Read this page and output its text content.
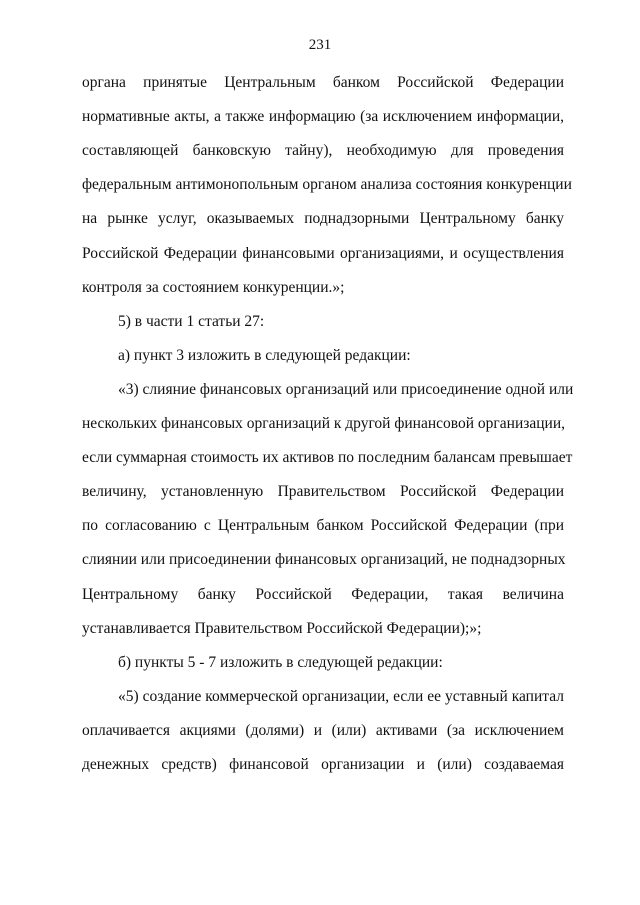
231
органа принятые Центральным банком Российской Федерации
нормативные акты, а также информацию (за исключением информации,
составляющей банковскую тайну), необходимую для проведения
федеральным антимонопольным органом анализа состояния конкуренции
на рынке услуг, оказываемых поднадзорными Центральному банку
Российской Федерации финансовыми организациями, и осуществления
контроля за состоянием конкуренции.»;
5) в части 1 статьи 27:
а) пункт 3 изложить в следующей редакции:
«3) слияние финансовых организаций или присоединение одной или
нескольких финансовых организаций к другой финансовой организации,
если суммарная стоимость их активов по последним балансам превышает
величину, установленную Правительством Российской Федерации
по согласованию с Центральным банком Российской Федерации (при
слиянии или присоединении финансовых организаций, не поднадзорных
Центральному банку Российской Федерации, такая величина
устанавливается Правительством Российской Федерации);»;
б) пункты 5 - 7 изложить в следующей редакции:
«5) создание коммерческой организации, если ее уставный капитал
оплачивается акциями (долями) и (или) активами (за исключением
денежных средств) финансовой организации и (или) создаваемая
